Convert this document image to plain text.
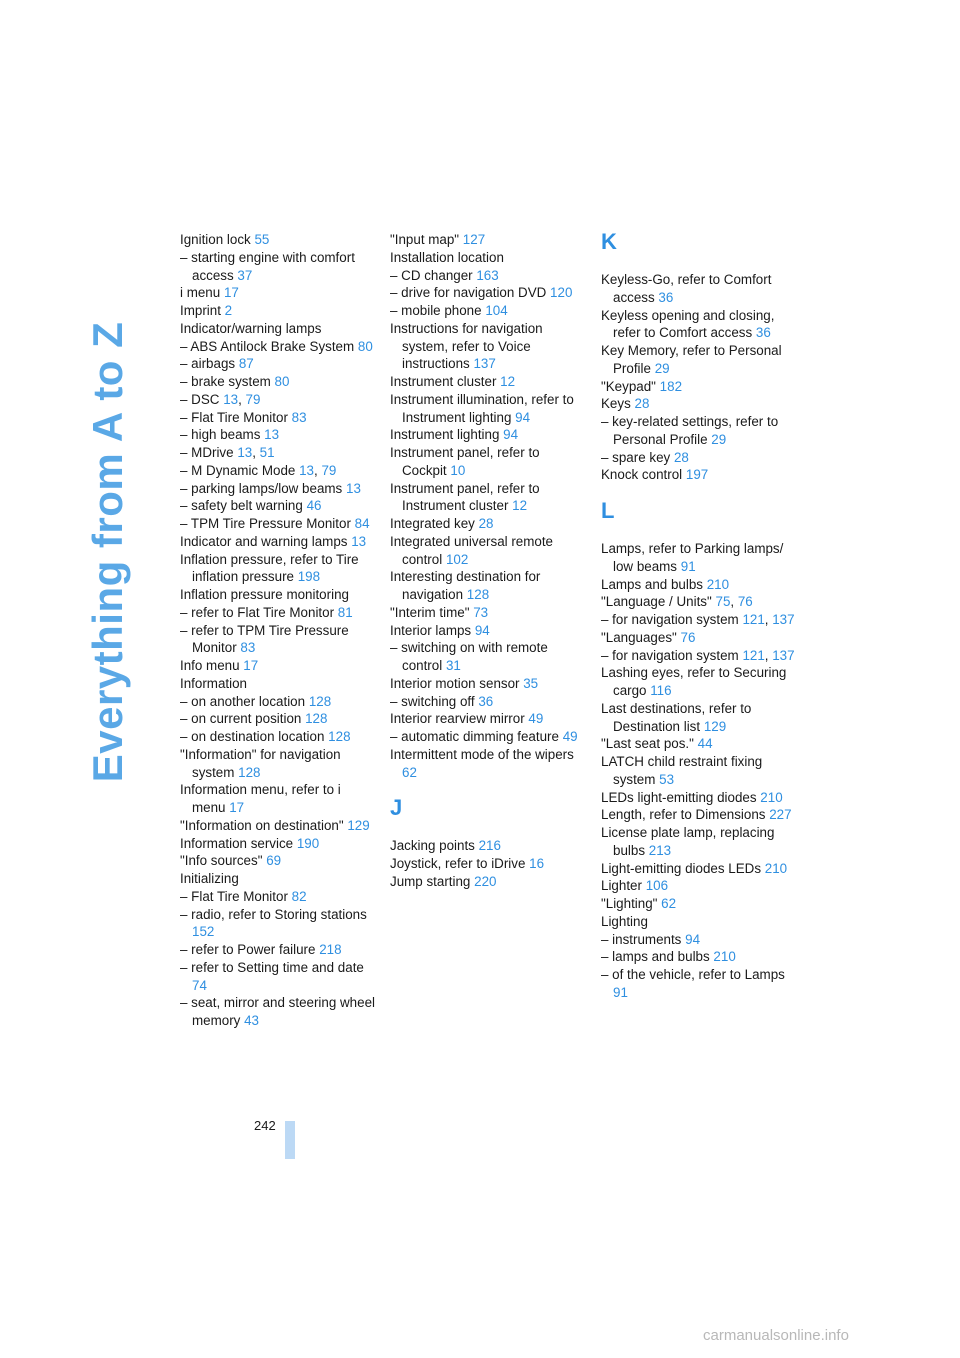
Everything from A to Z
Ignition lock 55
– starting engine with comfort access 37
i menu 17
Imprint 2
Indicator/warning lamps
– ABS Antilock Brake System 80
– airbags 87
– brake system 80
– DSC 13, 79
– Flat Tire Monitor 83
– high beams 13
– MDrive 13, 51
– M Dynamic Mode 13, 79
– parking lamps/low beams 13
– safety belt warning 46
– TPM Tire Pressure Monitor 84
Indicator and warning lamps 13
Inflation pressure, refer to Tire inflation pressure 198
Inflation pressure monitoring
– refer to Flat Tire Monitor 81
– refer to TPM Tire Pressure Monitor 83
Info menu 17
Information
– on another location 128
– on current position 128
– on destination location 128
"Information" for navigation system 128
Information menu, refer to i menu 17
"Information on destination" 129
Information service 190
"Info sources" 69
Initializing
– Flat Tire Monitor 82
– radio, refer to Storing stations 152
– refer to Power failure 218
– refer to Setting time and date 74
– seat, mirror and steering wheel memory 43
"Input map" 127
Installation location
– CD changer 163
– drive for navigation DVD 120
– mobile phone 104
Instructions for navigation system, refer to Voice instructions 137
Instrument cluster 12
Instrument illumination, refer to Instrument lighting 94
Instrument lighting 94
Instrument panel, refer to Cockpit 10
Instrument panel, refer to Instrument cluster 12
Integrated key 28
Integrated universal remote control 102
Interesting destination for navigation 128
"Interim time" 73
Interior lamps 94
– switching on with remote control 31
Interior motion sensor 35
– switching off 36
Interior rearview mirror 49
– automatic dimming feature 49
Intermittent mode of the wipers 62
J
Jacking points 216
Joystick, refer to iDrive 16
Jump starting 220
K
Keyless-Go, refer to Comfort access 36
Keyless opening and closing, refer to Comfort access 36
Key Memory, refer to Personal Profile 29
"Keypad" 182
Keys 28
– key-related settings, refer to Personal Profile 29
– spare key 28
Knock control 197
L
Lamps, refer to Parking lamps/ low beams 91
Lamps and bulbs 210
"Language / Units" 75, 76
– for navigation system 121, 137
"Languages" 76
– for navigation system 121, 137
Lashing eyes, refer to Securing cargo 116
Last destinations, refer to Destination list 129
"Last seat pos." 44
LATCH child restraint fixing system 53
LEDs light-emitting diodes 210
Length, refer to Dimensions 227
License plate lamp, replacing bulbs 213
Light-emitting diodes LEDs 210
Lighter 106
"Lighting" 62
Lighting
– instruments 94
– lamps and bulbs 210
– of the vehicle, refer to Lamps 91
242
carmanualsonline.info
